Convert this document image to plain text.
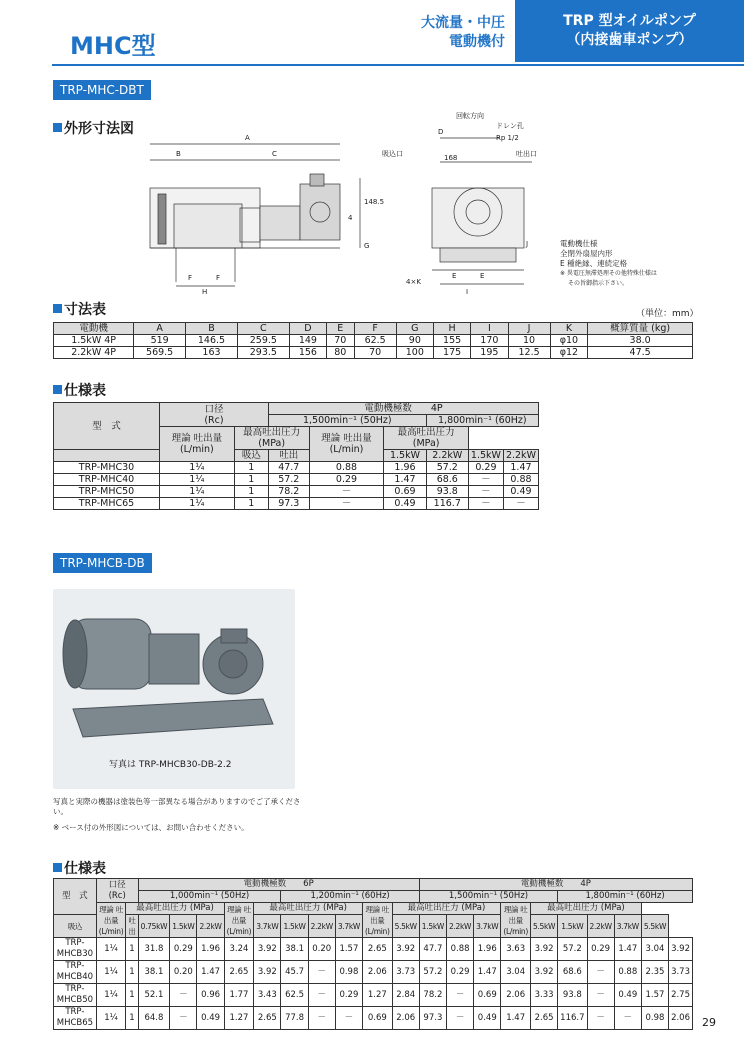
MHC型
大流量・中圧
電動機付
TRP 型オイルポンプ
（内接歯車ポンプ）
TRP-MHC-DBT
外形寸法図
A
B	C
F	F
H
G
148.5
4
D
回転方向
ドレン孔
Rp 1/2
168
吸込口	吐出口
J
4×K
E	E
I
電動機仕様
全閉外扇屋内形
E 種絶縁、連続定格
※ 異電圧無滞処理その他特殊仕様は
その旨御指示下さい。
寸法表	（単位：mm）
電動機	A	B	C	D	E	F	G	H	I	J	K	概算質量 (kg)
1.5kW 4P	519	146.5	259.5	149	70	62.5	90	155	170	10	φ10	38.0
2.2kW 4P	569.5	163	293.5	156	80	70	100	175	195	12.5	φ12	47.5
仕様表
型　式	口径
(Rc)		電動機極数　　4P					
			1,500min⁻¹ (50Hz)			1,800min⁻¹ (60Hz)		
	理論 吐出量 (L/min)	最高吐出圧力 (MPa)		理論 吐出量 (L/min)	最高吐出圧力 (MPa)			
		吸込	吐出		1.5kW	2.2kW	1.5kW	2.2kW
TRP-MHC30	1¼	1	47.7	0.88	1.96	57.2	0.29	1.47
TRP-MHC40	1¼	1	57.2	0.29	1.47	68.6	－	0.88
TRP-MHC50	1¼	1	78.2	－	0.69	93.8	－	0.49
TRP-MHC65	1¼	1	97.3	－	0.49	116.7	－	－
TRP-MHCB-DB
写真は TRP-MHCB30-DB-2.2
写真と実際の機器は塗装色等一部異なる場合がありますのでご了承ください。
※ ベース付の外形図については、お問い合わせください。
仕様表
型　式	口径
(Rc)		電動機極数　　6P										電動機極数　　4P									
			1,000min⁻¹ (50Hz)					1,200min⁻¹ (60Hz)					1,500min⁻¹ (50Hz)					1,800min⁻¹ (60Hz)				
	理論 吐出量 (L/min)	最高吐出圧力 (MPa)				理論 吐出量 (L/min)	最高吐出圧力 (MPa)				理論 吐出量 (L/min)	最高吐出圧力 (MPa)				理論 吐出量 (L/min)	最高吐出圧力 (MPa)					
吸込		吐出	0.75kW	1.5kW	2.2kW		3.7kW	1.5kW	2.2kW	3.7kW		5.5kW	1.5kW	2.2kW	3.7kW		5.5kW	1.5kW	2.2kW	3.7kW	5.5kW	
TRP-MHCB30	1¼	1	31.8	0.29	1.96	3.24	3.92	38.1	0.20	1.57	2.65	3.92	47.7	0.88	1.96	3.63	3.92	57.2	0.29	1.47	3.04	3.92
TRP-MHCB40	1¼	1	38.1	0.20	1.47	2.65	3.92	45.7	－	0.98	2.06	3.73	57.2	0.29	1.47	3.04	3.92	68.6	－	0.88	2.35	3.73
TRP-MHCB50	1¼	1	52.1	－	0.96	1.77	3.43	62.5	－	0.29	1.27	2.84	78.2	－	0.69	2.06	3.33	93.8	－	0.49	1.57	2.75
TRP-MHCB65	1¼	1	64.8	－	0.49	1.27	2.65	77.8	－	－	0.69	2.06	97.3	－	0.49	1.47	2.65	116.7	－	－	0.98	2.06 29
